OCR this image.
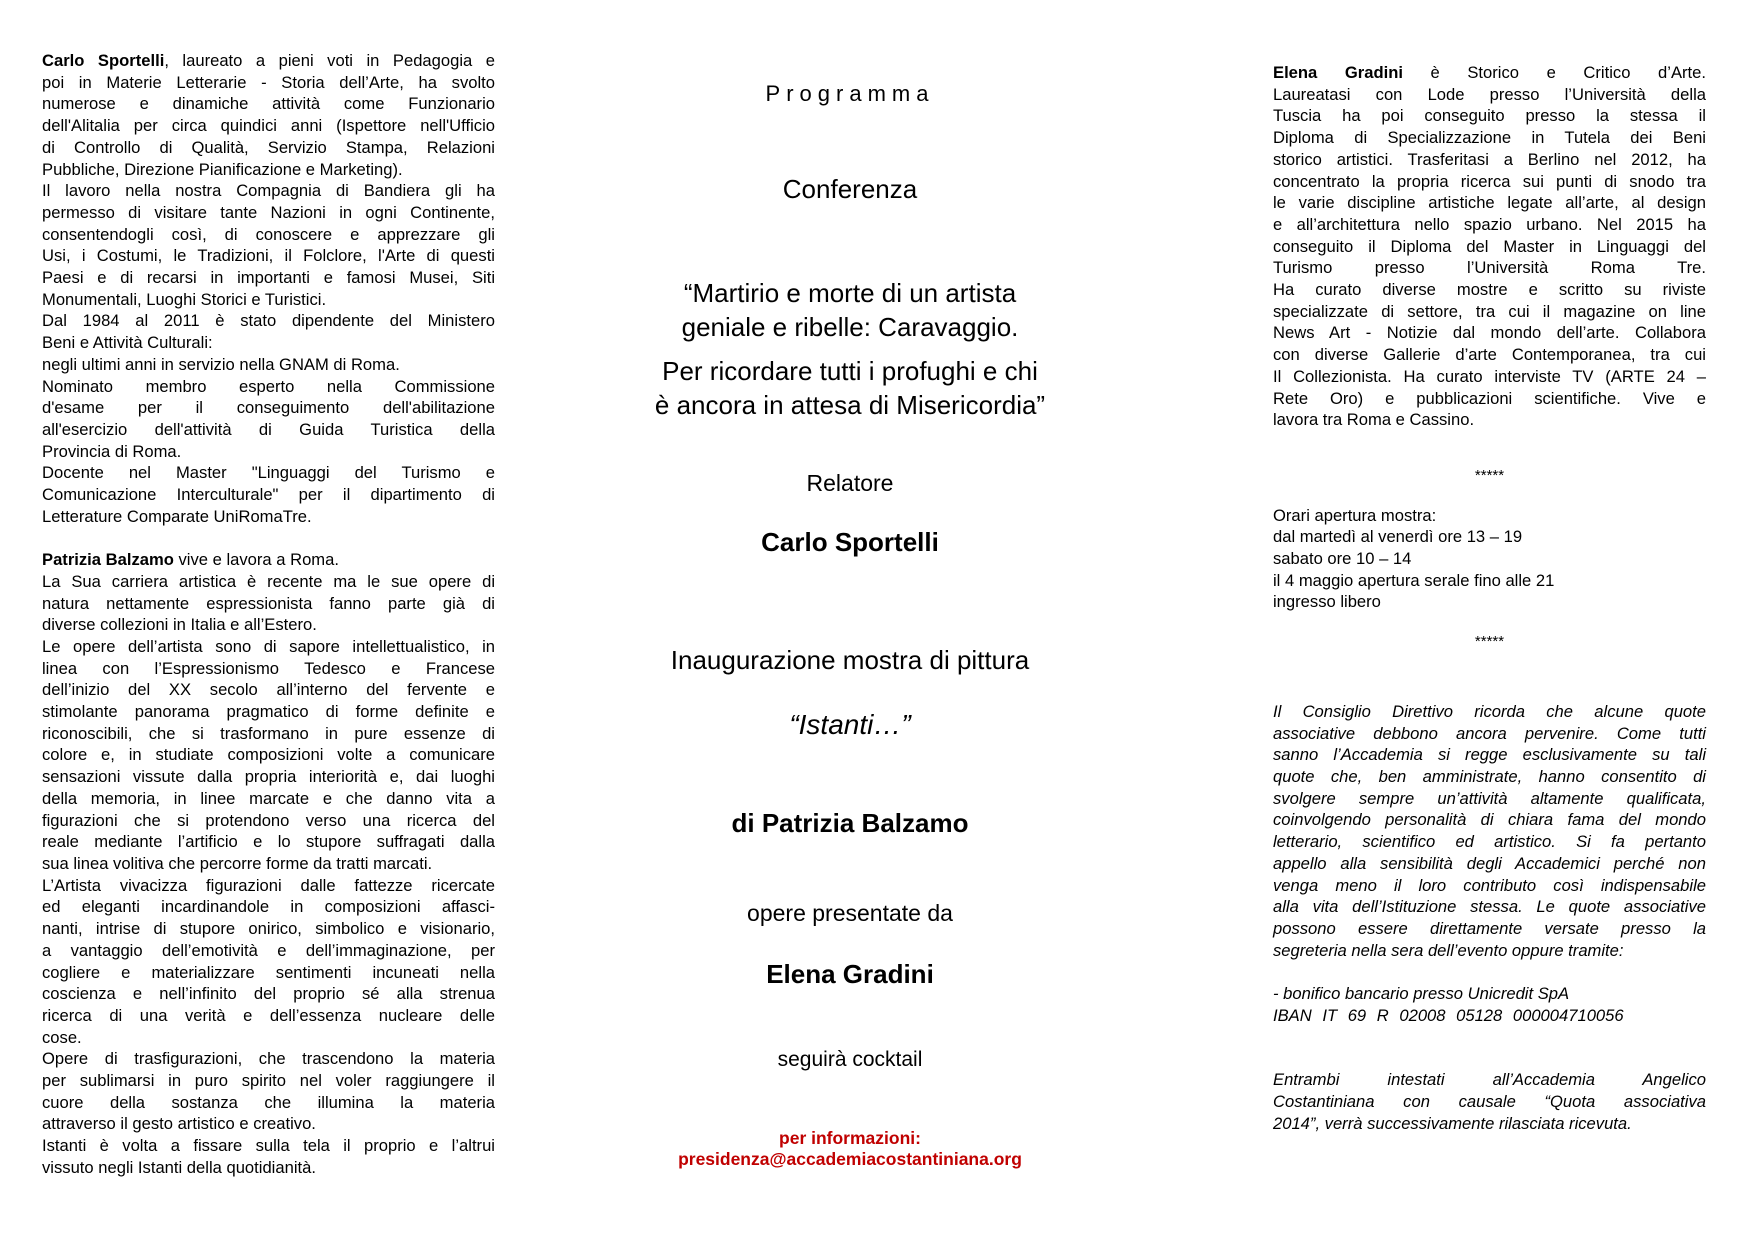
Carlo Sportelli, laureato a pieni voti in Pedagogia e
poi in Materie Letterarie - Storia dell’Arte, ha svolto
numerose e dinamiche attività come Funzionario
dell'Alitalia per circa quindici anni (Ispettore nell'Ufficio
di Controllo di Qualità, Servizio Stampa, Relazioni
Pubbliche, Direzione Pianificazione e Marketing).
Il lavoro nella nostra Compagnia di Bandiera gli ha
permesso di visitare tante Nazioni in ogni Continente,
consentendogli così, di conoscere e apprezzare gli
Usi, i Costumi, le Tradizioni, il Folclore, l'Arte di questi
Paesi e di recarsi in importanti e famosi Musei, Siti
Monumentali, Luoghi Storici e Turistici.
Dal 1984 al 2011 è stato dipendente del Ministero
Beni e Attività Culturali:
negli ultimi anni in servizio nella GNAM di Roma.
Nominato membro esperto nella Commissione
d'esame per il conseguimento dell'abilitazione
all'esercizio dell'attività di Guida Turistica della
Provincia di Roma.
Docente nel Master "Linguaggi del Turismo e
Comunicazione Interculturale" per il dipartimento di
Letterature Comparate UniRomaTre.
Patrizia Balzamo vive e lavora a Roma.
La Sua carriera artistica è recente ma le sue opere di
natura nettamente espressionista fanno parte già di
diverse collezioni in Italia e all’Estero.
Le opere dell’artista sono di sapore intellettualistico, in
linea con l’Espressionismo Tedesco e Francese
dell’inizio del XX secolo all’interno del fervente e
stimolante panorama pragmatico di forme definite e
riconoscibili, che si trasformano in pure essenze di
colore e, in studiate composizioni volte a comunicare
sensazioni vissute dalla propria interiorità e, dai luoghi
della memoria, in linee marcate e che danno vita a
figurazioni che si protendono verso una ricerca del
reale mediante l’artificio e lo stupore suffragati dalla
sua linea volitiva che percorre forme da tratti marcati.
L’Artista vivacizza figurazioni dalle fattezze ricercate
ed eleganti incardinandole in composizioni affasci-
nanti, intrise di stupore onirico, simbolico e visionario,
a vantaggio dell’emotività e dell’immaginazione, per
cogliere e materializzare sentimenti incuneati nella
coscienza e nell’infinito del proprio sé alla strenua
ricerca di una verità e dell’essenza nucleare delle
cose.
Opere di trasfigurazioni, che trascendono la materia
per sublimarsi in puro spirito nel voler raggiungere il
cuore della sostanza che illumina la materia
attraverso il gesto artistico e creativo.
Istanti è volta a fissare sulla tela il proprio e l’altrui
vissuto negli Istanti della quotidianità.

Programma

Conferenza

“Martirio e morte di un artista
geniale e ribelle: Caravaggio.
Per ricordare tutti i profughi e chi
è ancora in attesa di Misericordia”

Relatore

Carlo Sportelli

Inaugurazione mostra di pittura

“Istanti…”

di Patrizia Balzamo

opere presentate da

Elena Gradini

seguirà cocktail

per informazioni:
presidenza@accademiacostantiniana.org
Elena Gradini è Storico e Critico d’Arte.
Laureatasi con Lode presso l’Università della
Tuscia ha poi conseguito presso la stessa il
Diploma di Specializzazione in Tutela dei Beni
storico artistici. Trasferitasi a Berlino nel 2012, ha
concentrato la propria ricerca sui punti di snodo tra
le varie discipline artistiche legate all’arte, al design
e all’architettura nello spazio urbano. Nel 2015 ha
conseguito il Diploma del Master in Linguaggi del
Turismo presso l’Università Roma Tre.
Ha curato diverse mostre e scritto su riviste
specializzate di settore, tra cui il magazine on line
News Art - Notizie dal mondo dell’arte. Collabora
con diverse Gallerie d’arte Contemporanea, tra cui
Il Collezionista. Ha curato interviste TV (ARTE 24 –
Rete Oro) e pubblicazioni scientifiche. Vive e
lavora tra Roma e Cassino.

*****

Orari apertura mostra:
dal martedì al venerdì ore 13 – 19
sabato ore 10 – 14
il 4 maggio apertura serale fino alle 21
ingresso libero

*****

Il Consiglio Direttivo ricorda che alcune quote
associative debbono ancora pervenire. Come tutti
sanno l’Accademia si regge esclusivamente su tali
quote che, ben amministrate, hanno consentito di
svolgere sempre un’attività altamente qualificata,
coinvolgendo personalità di chiara fama del mondo
letterario, scientifico ed artistico. Si fa pertanto
appello alla sensibilità degli Accademici perché non
venga meno il loro contributo così indispensabile
alla vita dell’Istituzione stessa. Le quote associative
possono essere direttamente versate presso la
segreteria nella sera dell’evento oppure tramite:
- bonifico bancario presso Unicredit SpA
IBAN IT 69 R 02008 05128 000004710056
Entrambi intestati all’Accademia Angelico
Costantiniana con causale “Quota associativa
2014”, verrà successivamente rilasciata ricevuta.
